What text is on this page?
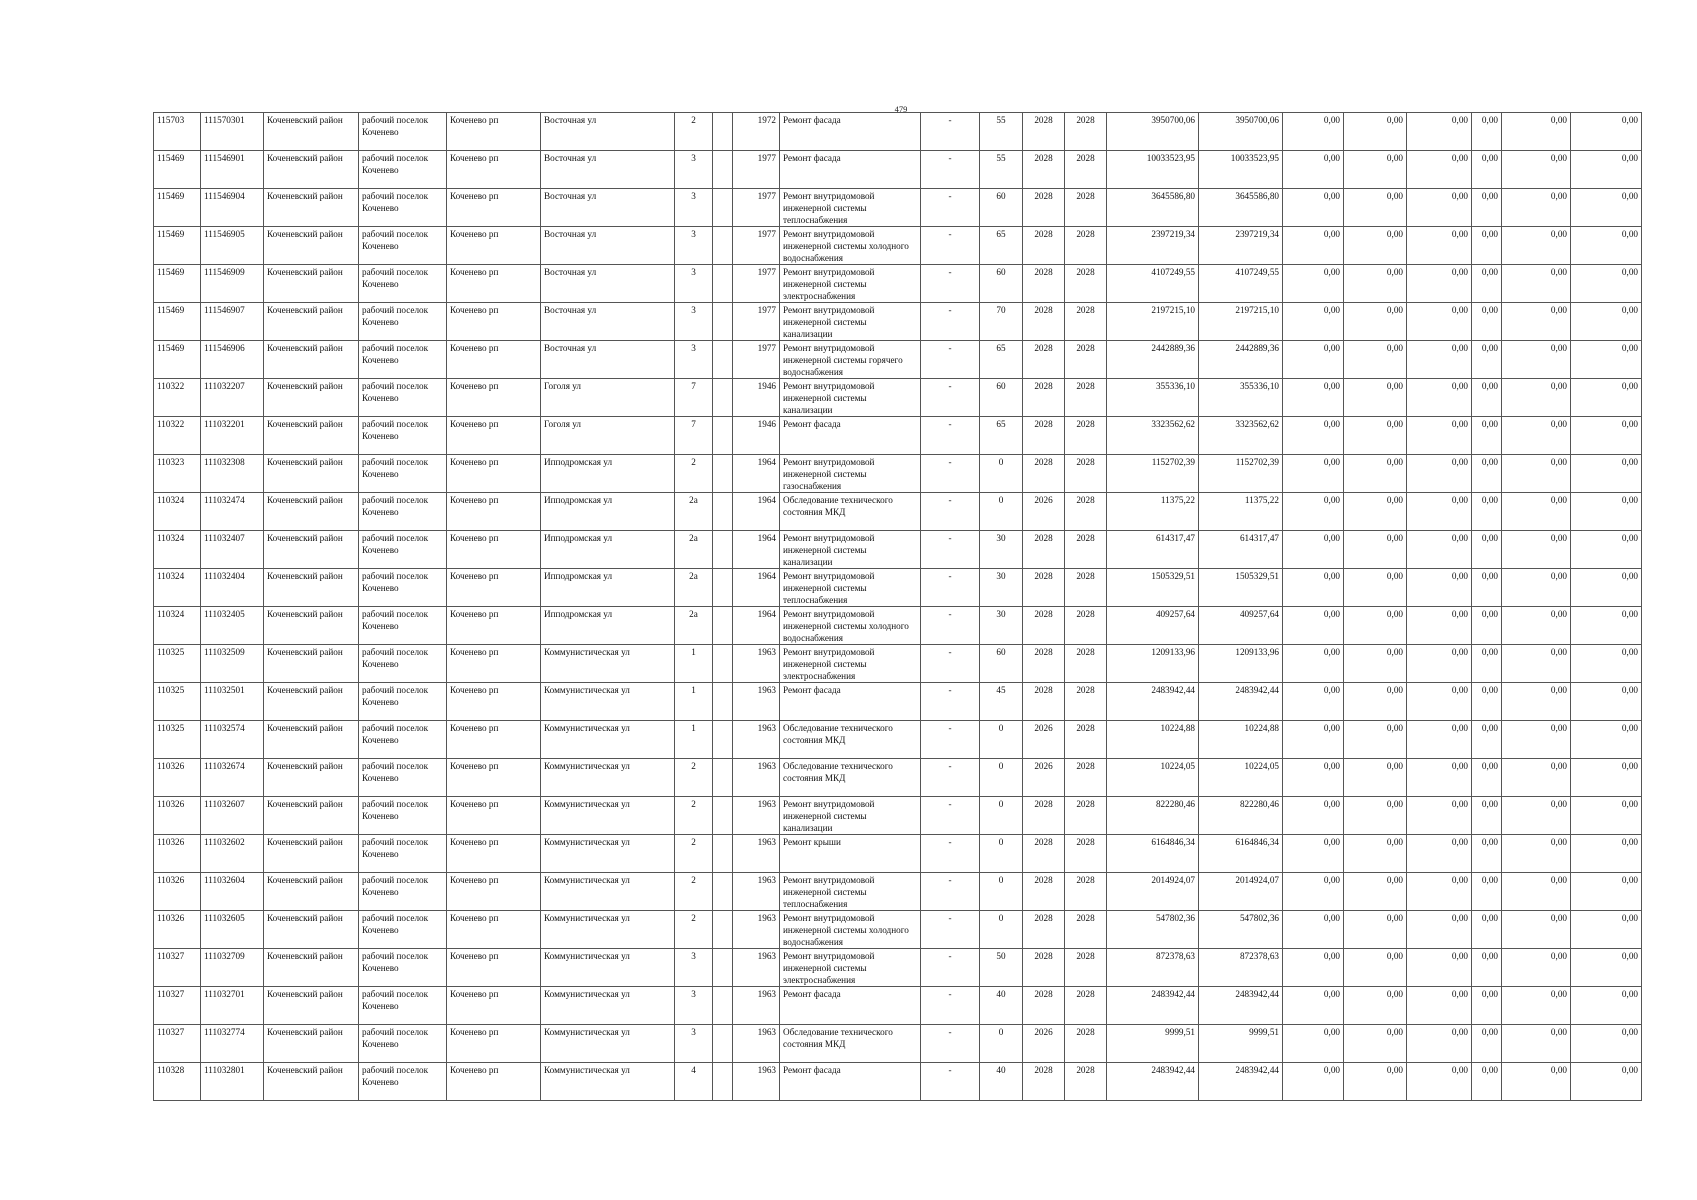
479
115703	111570301	Коченевский район	рабочий поселок Коченево	Коченево рп	Восточная ул	2		1972	Ремонт фасада	-	55	2028	2028	3950700,06	3950700,06	0,00	0,00	0,00	0,00	0,00	0,00
115469	111546901	Коченевский район	рабочий поселок Коченево	Коченево рп	Восточная ул	3		1977	Ремонт фасада	-	55	2028	2028	10033523,95	10033523,95	0,00	0,00	0,00	0,00	0,00	0,00
115469	111546904	Коченевский район	рабочий поселок Коченево	Коченево рп	Восточная ул	3		1977	Ремонт внутридомовой инженерной системы теплоснабжения	-	60	2028	2028	3645586,80	3645586,80	0,00	0,00	0,00	0,00	0,00	0,00
115469	111546905	Коченевский район	рабочий поселок Коченево	Коченево рп	Восточная ул	3		1977	Ремонт внутридомовой инженерной системы холодного водоснабжения	-	65	2028	2028	2397219,34	2397219,34	0,00	0,00	0,00	0,00	0,00	0,00
115469	111546909	Коченевский район	рабочий поселок Коченево	Коченево рп	Восточная ул	3		1977	Ремонт внутридомовой инженерной системы электроснабжения	-	60	2028	2028	4107249,55	4107249,55	0,00	0,00	0,00	0,00	0,00	0,00
115469	111546907	Коченевский район	рабочий поселок Коченево	Коченево рп	Восточная ул	3		1977	Ремонт внутридомовой инженерной системы канализации	-	70	2028	2028	2197215,10	2197215,10	0,00	0,00	0,00	0,00	0,00	0,00
115469	111546906	Коченевский район	рабочий поселок Коченево	Коченево рп	Восточная ул	3		1977	Ремонт внутридомовой инженерной системы горячего водоснабжения	-	65	2028	2028	2442889,36	2442889,36	0,00	0,00	0,00	0,00	0,00	0,00
110322	111032207	Коченевский район	рабочий поселок Коченево	Коченево рп	Гоголя ул	7		1946	Ремонт внутридомовой инженерной системы канализации	-	60	2028	2028	355336,10	355336,10	0,00	0,00	0,00	0,00	0,00	0,00
110322	111032201	Коченевский район	рабочий поселок Коченево	Коченево рп	Гоголя ул	7		1946	Ремонт фасада	-	65	2028	2028	3323562,62	3323562,62	0,00	0,00	0,00	0,00	0,00	0,00
110323	111032308	Коченевский район	рабочий поселок Коченево	Коченево рп	Ипподромская ул	2		1964	Ремонт внутридомовой инженерной системы газоснабжения	-	0	2028	2028	1152702,39	1152702,39	0,00	0,00	0,00	0,00	0,00	0,00
110324	111032474	Коченевский район	рабочий поселок Коченево	Коченево рп	Ипподромская ул	2а		1964	Обследование технического состояния МКД	-	0	2026	2028	11375,22	11375,22	0,00	0,00	0,00	0,00	0,00	0,00
110324	111032407	Коченевский район	рабочий поселок Коченево	Коченево рп	Ипподромская ул	2а		1964	Ремонт внутридомовой инженерной системы канализации	-	30	2028	2028	614317,47	614317,47	0,00	0,00	0,00	0,00	0,00	0,00
110324	111032404	Коченевский район	рабочий поселок Коченево	Коченево рп	Ипподромская ул	2а		1964	Ремонт внутридомовой инженерной системы теплоснабжения	-	30	2028	2028	1505329,51	1505329,51	0,00	0,00	0,00	0,00	0,00	0,00
110324	111032405	Коченевский район	рабочий поселок Коченево	Коченево рп	Ипподромская ул	2а		1964	Ремонт внутридомовой инженерной системы холодного водоснабжения	-	30	2028	2028	409257,64	409257,64	0,00	0,00	0,00	0,00	0,00	0,00
110325	111032509	Коченевский район	рабочий поселок Коченево	Коченево рп	Коммунистическая ул	1		1963	Ремонт внутридомовой инженерной системы электроснабжения	-	60	2028	2028	1209133,96	1209133,96	0,00	0,00	0,00	0,00	0,00	0,00
110325	111032501	Коченевский район	рабочий поселок Коченево	Коченево рп	Коммунистическая ул	1		1963	Ремонт фасада	-	45	2028	2028	2483942,44	2483942,44	0,00	0,00	0,00	0,00	0,00	0,00
110325	111032574	Коченевский район	рабочий поселок Коченево	Коченево рп	Коммунистическая ул	1		1963	Обследование технического состояния МКД	-	0	2026	2028	10224,88	10224,88	0,00	0,00	0,00	0,00	0,00	0,00
110326	111032674	Коченевский район	рабочий поселок Коченево	Коченево рп	Коммунистическая ул	2		1963	Обследование технического состояния МКД	-	0	2026	2028	10224,05	10224,05	0,00	0,00	0,00	0,00	0,00	0,00
110326	111032607	Коченевский район	рабочий поселок Коченево	Коченево рп	Коммунистическая ул	2		1963	Ремонт внутридомовой инженерной системы канализации	-	0	2028	2028	822280,46	822280,46	0,00	0,00	0,00	0,00	0,00	0,00
110326	111032602	Коченевский район	рабочий поселок Коченево	Коченево рп	Коммунистическая ул	2		1963	Ремонт крыши	-	0	2028	2028	6164846,34	6164846,34	0,00	0,00	0,00	0,00	0,00	0,00
110326	111032604	Коченевский район	рабочий поселок Коченево	Коченево рп	Коммунистическая ул	2		1963	Ремонт внутридомовой инженерной системы теплоснабжения	-	0	2028	2028	2014924,07	2014924,07	0,00	0,00	0,00	0,00	0,00	0,00
110326	111032605	Коченевский район	рабочий поселок Коченево	Коченево рп	Коммунистическая ул	2		1963	Ремонт внутридомовой инженерной системы холодного водоснабжения	-	0	2028	2028	547802,36	547802,36	0,00	0,00	0,00	0,00	0,00	0,00
110327	111032709	Коченевский район	рабочий поселок Коченево	Коченево рп	Коммунистическая ул	3		1963	Ремонт внутридомовой инженерной системы электроснабжения	-	50	2028	2028	872378,63	872378,63	0,00	0,00	0,00	0,00	0,00	0,00
110327	111032701	Коченевский район	рабочий поселок Коченево	Коченево рп	Коммунистическая ул	3		1963	Ремонт фасада	-	40	2028	2028	2483942,44	2483942,44	0,00	0,00	0,00	0,00	0,00	0,00
110327	111032774	Коченевский район	рабочий поселок Коченево	Коченево рп	Коммунистическая ул	3		1963	Обследование технического состояния МКД	-	0	2026	2028	9999,51	9999,51	0,00	0,00	0,00	0,00	0,00	0,00
110328	111032801	Коченевский район	рабочий поселок Коченево	Коченево рп	Коммунистическая ул	4		1963	Ремонт фасада	-	40	2028	2028	2483942,44	2483942,44	0,00	0,00	0,00	0,00	0,00	0,00
